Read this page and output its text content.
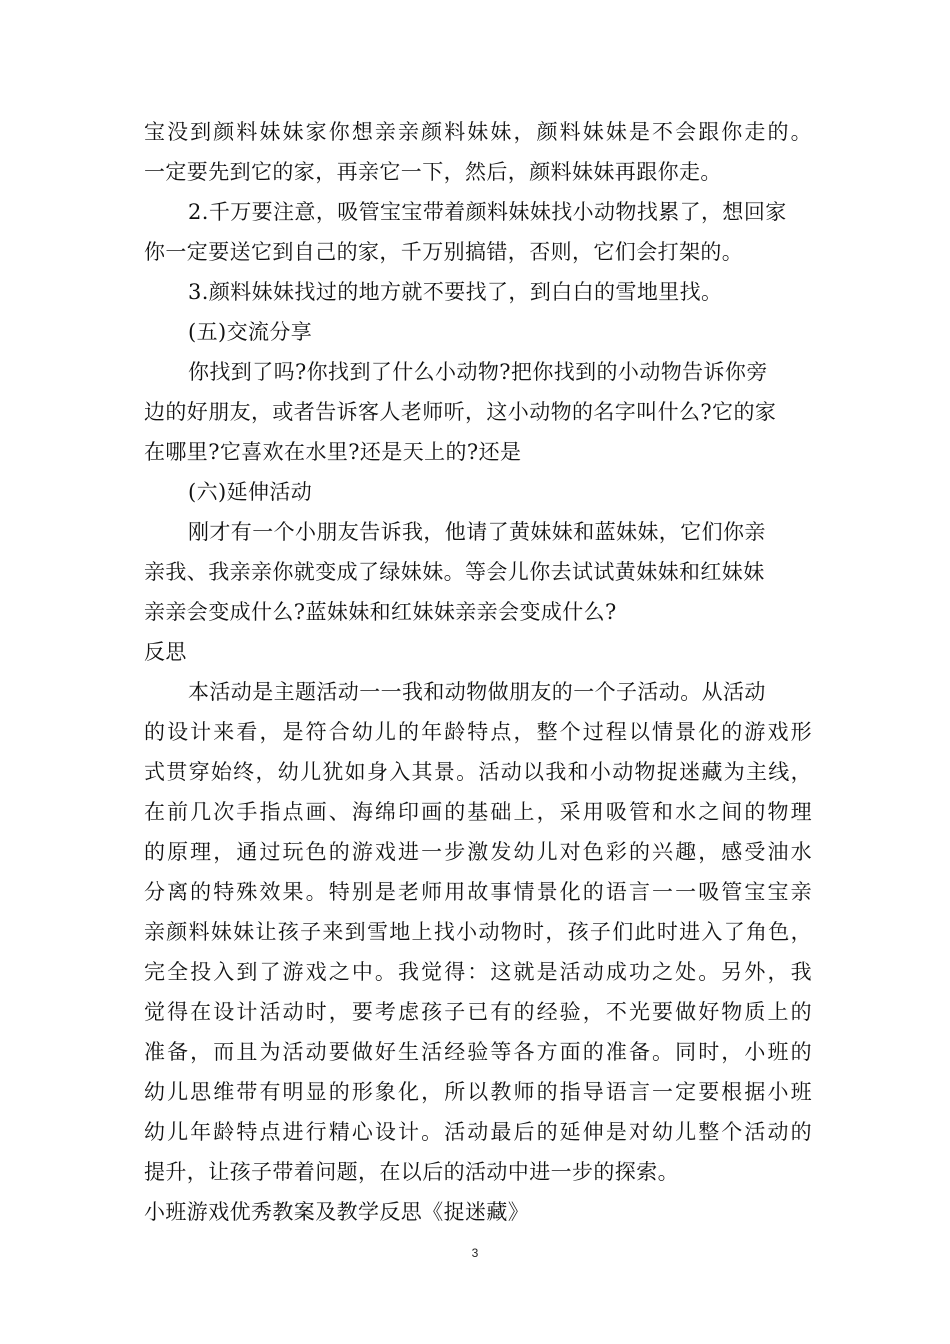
宝没到颜料妹妹家你想亲亲颜料妹妹，颜料妹妹是不会跟你走的。
一定要先到它的家，再亲它一下，然后，颜料妹妹再跟你走。
2.千万要注意，吸管宝宝带着颜料妹妹找小动物找累了，想回家
你一定要送它到自己的家，千万别搞错，否则，它们会打架的。
3.颜料妹妹找过的地方就不要找了，到白白的雪地里找。
(五)交流分享
你找到了吗?你找到了什么小动物?把你找到的小动物告诉你旁
边的好朋友，或者告诉客人老师听，这小动物的名字叫什么?它的家
在哪里?它喜欢在水里?还是天上的?还是
(六)延伸活动
刚才有一个小朋友告诉我，他请了黄妹妹和蓝妹妹，它们你亲
亲我、我亲亲你就变成了绿妹妹。等会儿你去试试黄妹妹和红妹妹
亲亲会变成什么?蓝妹妹和红妹妹亲亲会变成什么?
反思
本活动是主题活动一一我和动物做朋友的一个子活动。从活动
的设计来看，是符合幼儿的年龄特点，整个过程以情景化的游戏形
式贯穿始终，幼儿犹如身入其景。活动以我和小动物捉迷藏为主线，
在前几次手指点画、海绵印画的基础上，采用吸管和水之间的物理
的原理，通过玩色的游戏进一步激发幼儿对色彩的兴趣，感受油水
分离的特殊效果。特别是老师用故事情景化的语言一一吸管宝宝亲
亲颜料妹妹让孩子来到雪地上找小动物时，孩子们此时进入了角色，
完全投入到了游戏之中。我觉得：这就是活动成功之处。另外，我
觉得在设计活动时，要考虑孩子已有的经验，不光要做好物质上的
准备，而且为活动要做好生活经验等各方面的准备。同时，小班的
幼儿思维带有明显的形象化，所以教师的指导语言一定要根据小班
幼儿年龄特点进行精心设计。活动最后的延伸是对幼儿整个活动的
提升，让孩子带着问题，在以后的活动中进一步的探索。
小班游戏优秀教案及教学反思《捉迷藏》
3
